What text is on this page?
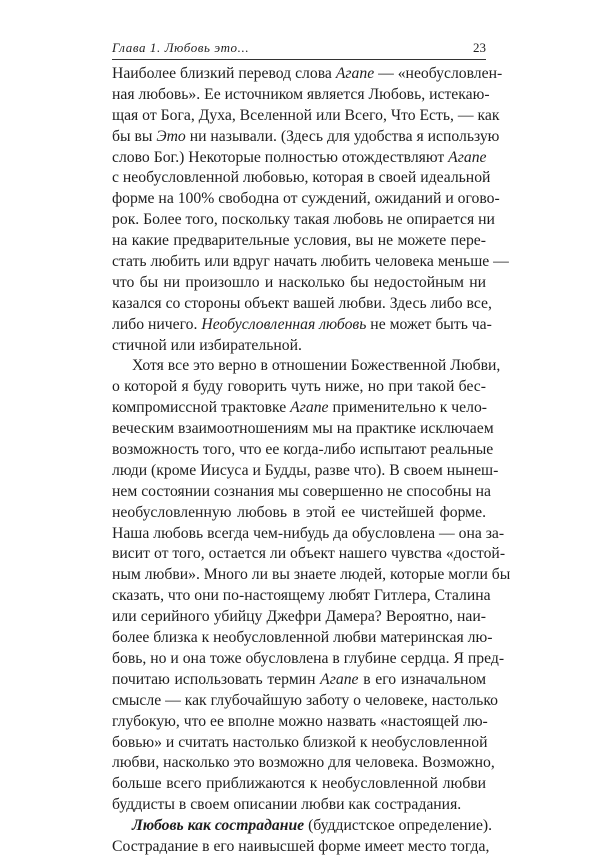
Глава 1. Любовь это...	23
Наиболее близкий перевод слова Агапе — «необусловлен-
ная любовь». Ее источником является Любовь, истекаю-
щая от Бога, Духа, Вселенной или Всего, Что Есть, — как
бы вы Это ни называли. (Здесь для удобства я использую
слово Бог.) Некоторые полностью отождествляют Агапе
с необусловленной любовью, которая в своей идеальной
форме на 100% свободна от суждений, ожиданий и огово-
рок. Более того, поскольку такая любовь не опирается ни
на какие предварительные условия, вы не можете пере-
стать любить или вдруг начать любить человека меньше —
что бы ни произошло и насколько бы недостойным ни
казался со стороны объект вашей любви. Здесь либо все,
либо ничего. Необусловленная любовь не может быть ча-
стичной или избирательной.
Хотя все это верно в отношении Божественной Любви,
о которой я буду говорить чуть ниже, но при такой бес-
компромиссной трактовке Агапе применительно к чело-
веческим взаимоотношениям мы на практике исключаем
возможность того, что ее когда-либо испытают реальные
люди (кроме Иисуса и Будды, разве что). В своем нынеш-
нем состоянии сознания мы совершенно не способны на
необусловленную любовь в этой ее чистейшей форме.
Наша любовь всегда чем-нибудь да обусловлена — она за-
висит от того, остается ли объект нашего чувства «достой-
ным любви». Много ли вы знаете людей, которые могли бы
сказать, что они по-настоящему любят Гитлера, Сталина
или серийного убийцу Джефри Дамера? Вероятно, наи-
более близка к необусловленной любви материнская лю-
бовь, но и она тоже обусловлена в глубине сердца. Я пред-
почитаю использовать термин Агапе в его изначальном
смысле — как глубочайшую заботу о человеке, настолько
глубокую, что ее вполне можно назвать «настоящей лю-
бовью» и считать настолько близкой к необусловленной
любви, насколько это возможно для человека. Возможно,
больше всего приближаются к необусловленной любви
буддисты в своем описании любви как сострадания.
Любовь как сострадание (буддистское определение).
Сострадание в его наивысшей форме имеет место тогда,
